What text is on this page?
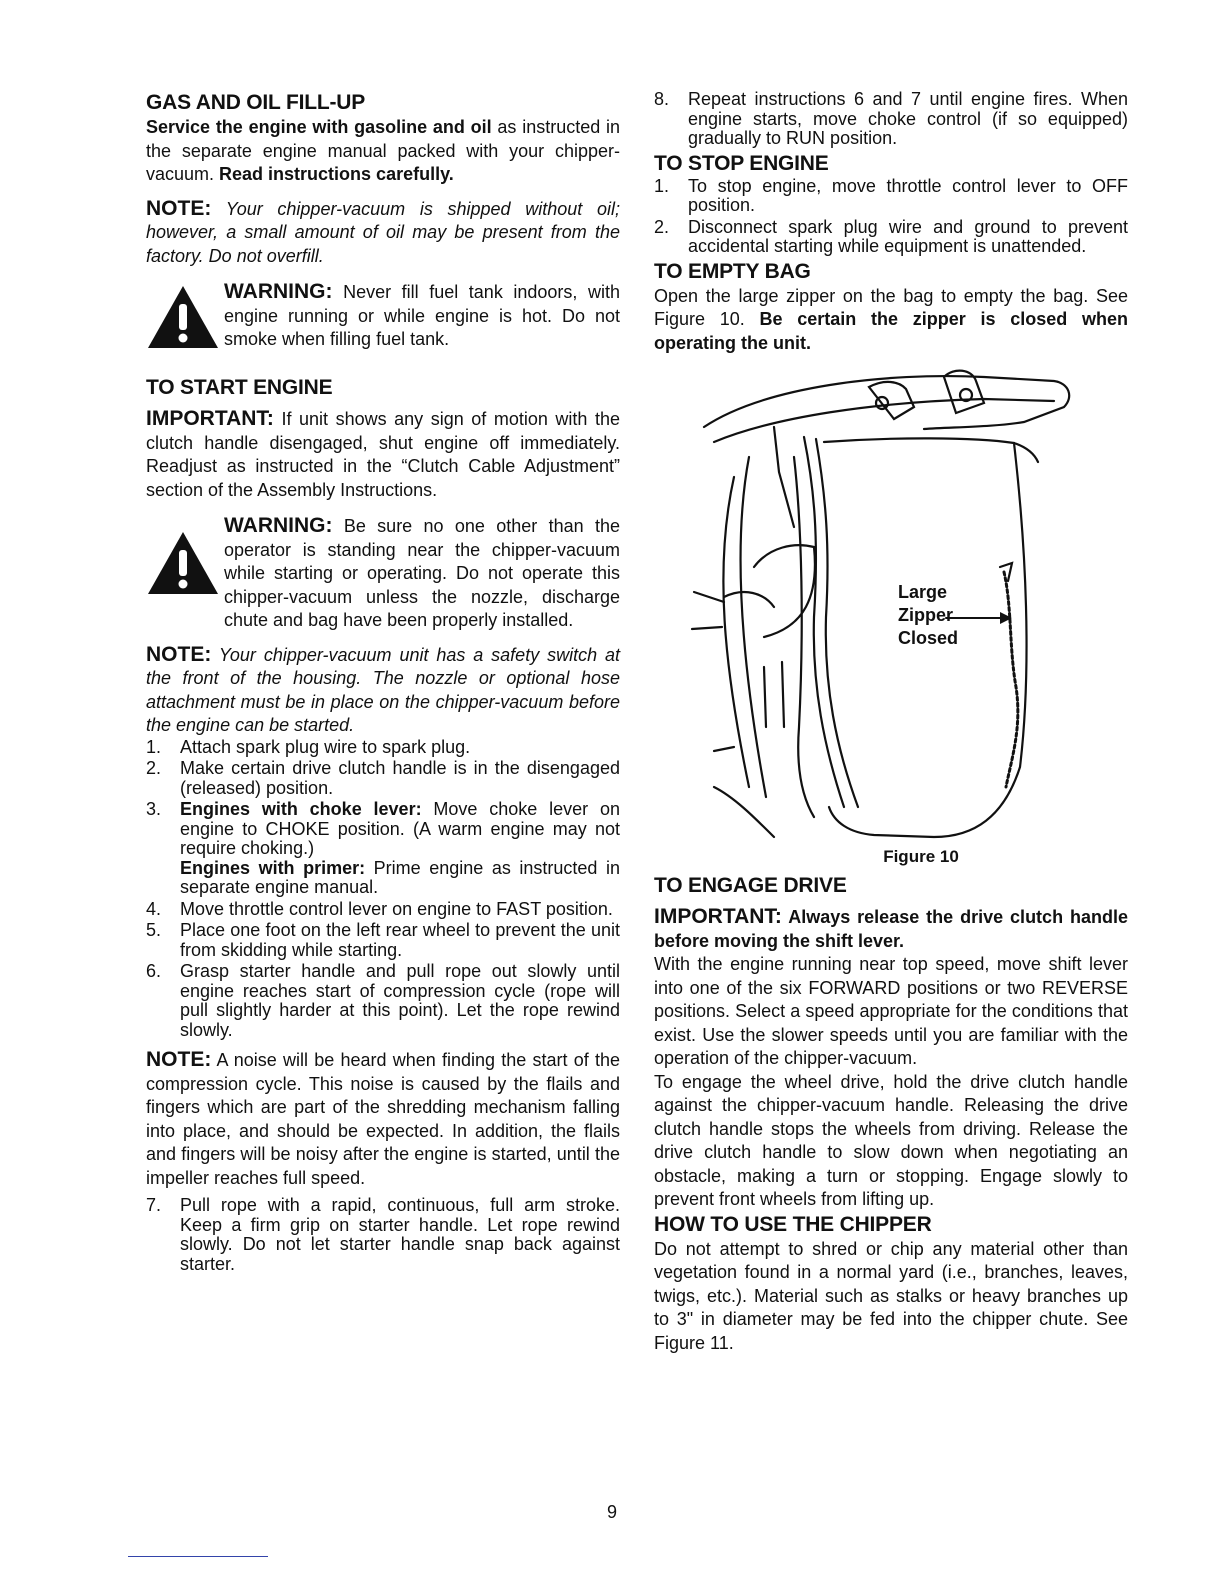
GAS AND OIL FILL-UP

Service the engine with gasoline and oil as instructed in the separate engine manual packed with your chipper-vacuum. Read instructions carefully.

NOTE: Your chipper-vacuum is shipped without oil; however, a small amount of oil may be present from the factory. Do not overfill.

WARNING: Never fill fuel tank indoors, with engine running or while engine is hot. Do not smoke when filling fuel tank.
TO START ENGINE

IMPORTANT: If unit shows any sign of motion with the clutch handle disengaged, shut engine off immediately. Readjust as instructed in the “Clutch Cable Adjustment” section of the Assembly Instructions.

WARNING: Be sure no one other than the operator is standing near the chipper-vacuum while starting or operating. Do not operate this chipper-vacuum unless the nozzle, discharge chute and bag have been properly installed.

NOTE: Your chipper-vacuum unit has a safety switch at the front of the housing. The nozzle or optional hose attachment must be in place on the chipper-vacuum before the engine can be started.

1.	Attach spark plug wire to spark plug.
2.	Make certain drive clutch handle is in the disengaged (released) position.
3.	Engines with choke lever: Move choke lever on engine to CHOKE position. (A warm engine may not require choking.)
Engines with primer: Prime engine as instructed in separate engine manual.
4.	Move throttle control lever on engine to FAST position.
5.	Place one foot on the left rear wheel to prevent the unit from skidding while starting.
6.	Grasp starter handle and pull rope out slowly until engine reaches start of compression cycle (rope will pull slightly harder at this point). Let the rope rewind slowly.

NOTE: A noise will be heard when finding the start of the compression cycle. This noise is caused by the flails and fingers which are part of the shredding mechanism falling into place, and should be expected. In addition, the flails and fingers will be noisy after the engine is started, until the impeller reaches full speed.

7.	Pull rope with a rapid, continuous, full arm stroke. Keep a firm grip on starter handle. Let rope rewind slowly. Do not let starter handle snap back against starter.
8.	Repeat instructions 6 and 7 until engine fires. When engine starts, move choke control (if so equipped) gradually to RUN position.
TO STOP ENGINE
1.	To stop engine, move throttle control lever to OFF position.
2.	Disconnect spark plug wire and ground to prevent accidental starting while equipment is unattended.
TO EMPTY BAG

Open the large zipper on the bag to empty the bag. See Figure 10. Be certain the zipper is closed when operating the unit.

Large
Zipper
Closed
Figure 10
TO ENGAGE DRIVE

IMPORTANT: Always release the drive clutch handle before moving the shift lever.

With the engine running near top speed, move shift lever into one of the six FORWARD positions or two REVERSE positions. Select a speed appropriate for the conditions that exist. Use the slower speeds until you are familiar with the operation of the chipper-vacuum.

To engage the wheel drive, hold the drive clutch handle against the chipper-vacuum handle. Releasing the drive clutch handle stops the wheels from driving. Release the drive clutch handle to slow down when negotiating an obstacle, making a turn or stopping. Engage slowly to prevent front wheels from lifting up.

HOW TO USE THE CHIPPER

Do not attempt to shred or chip any material other than vegetation found in a normal yard (i.e., branches, leaves, twigs, etc.). Material such as stalks or heavy branches up to 3" in diameter may be fed into the chipper chute. See Figure 11.

9
